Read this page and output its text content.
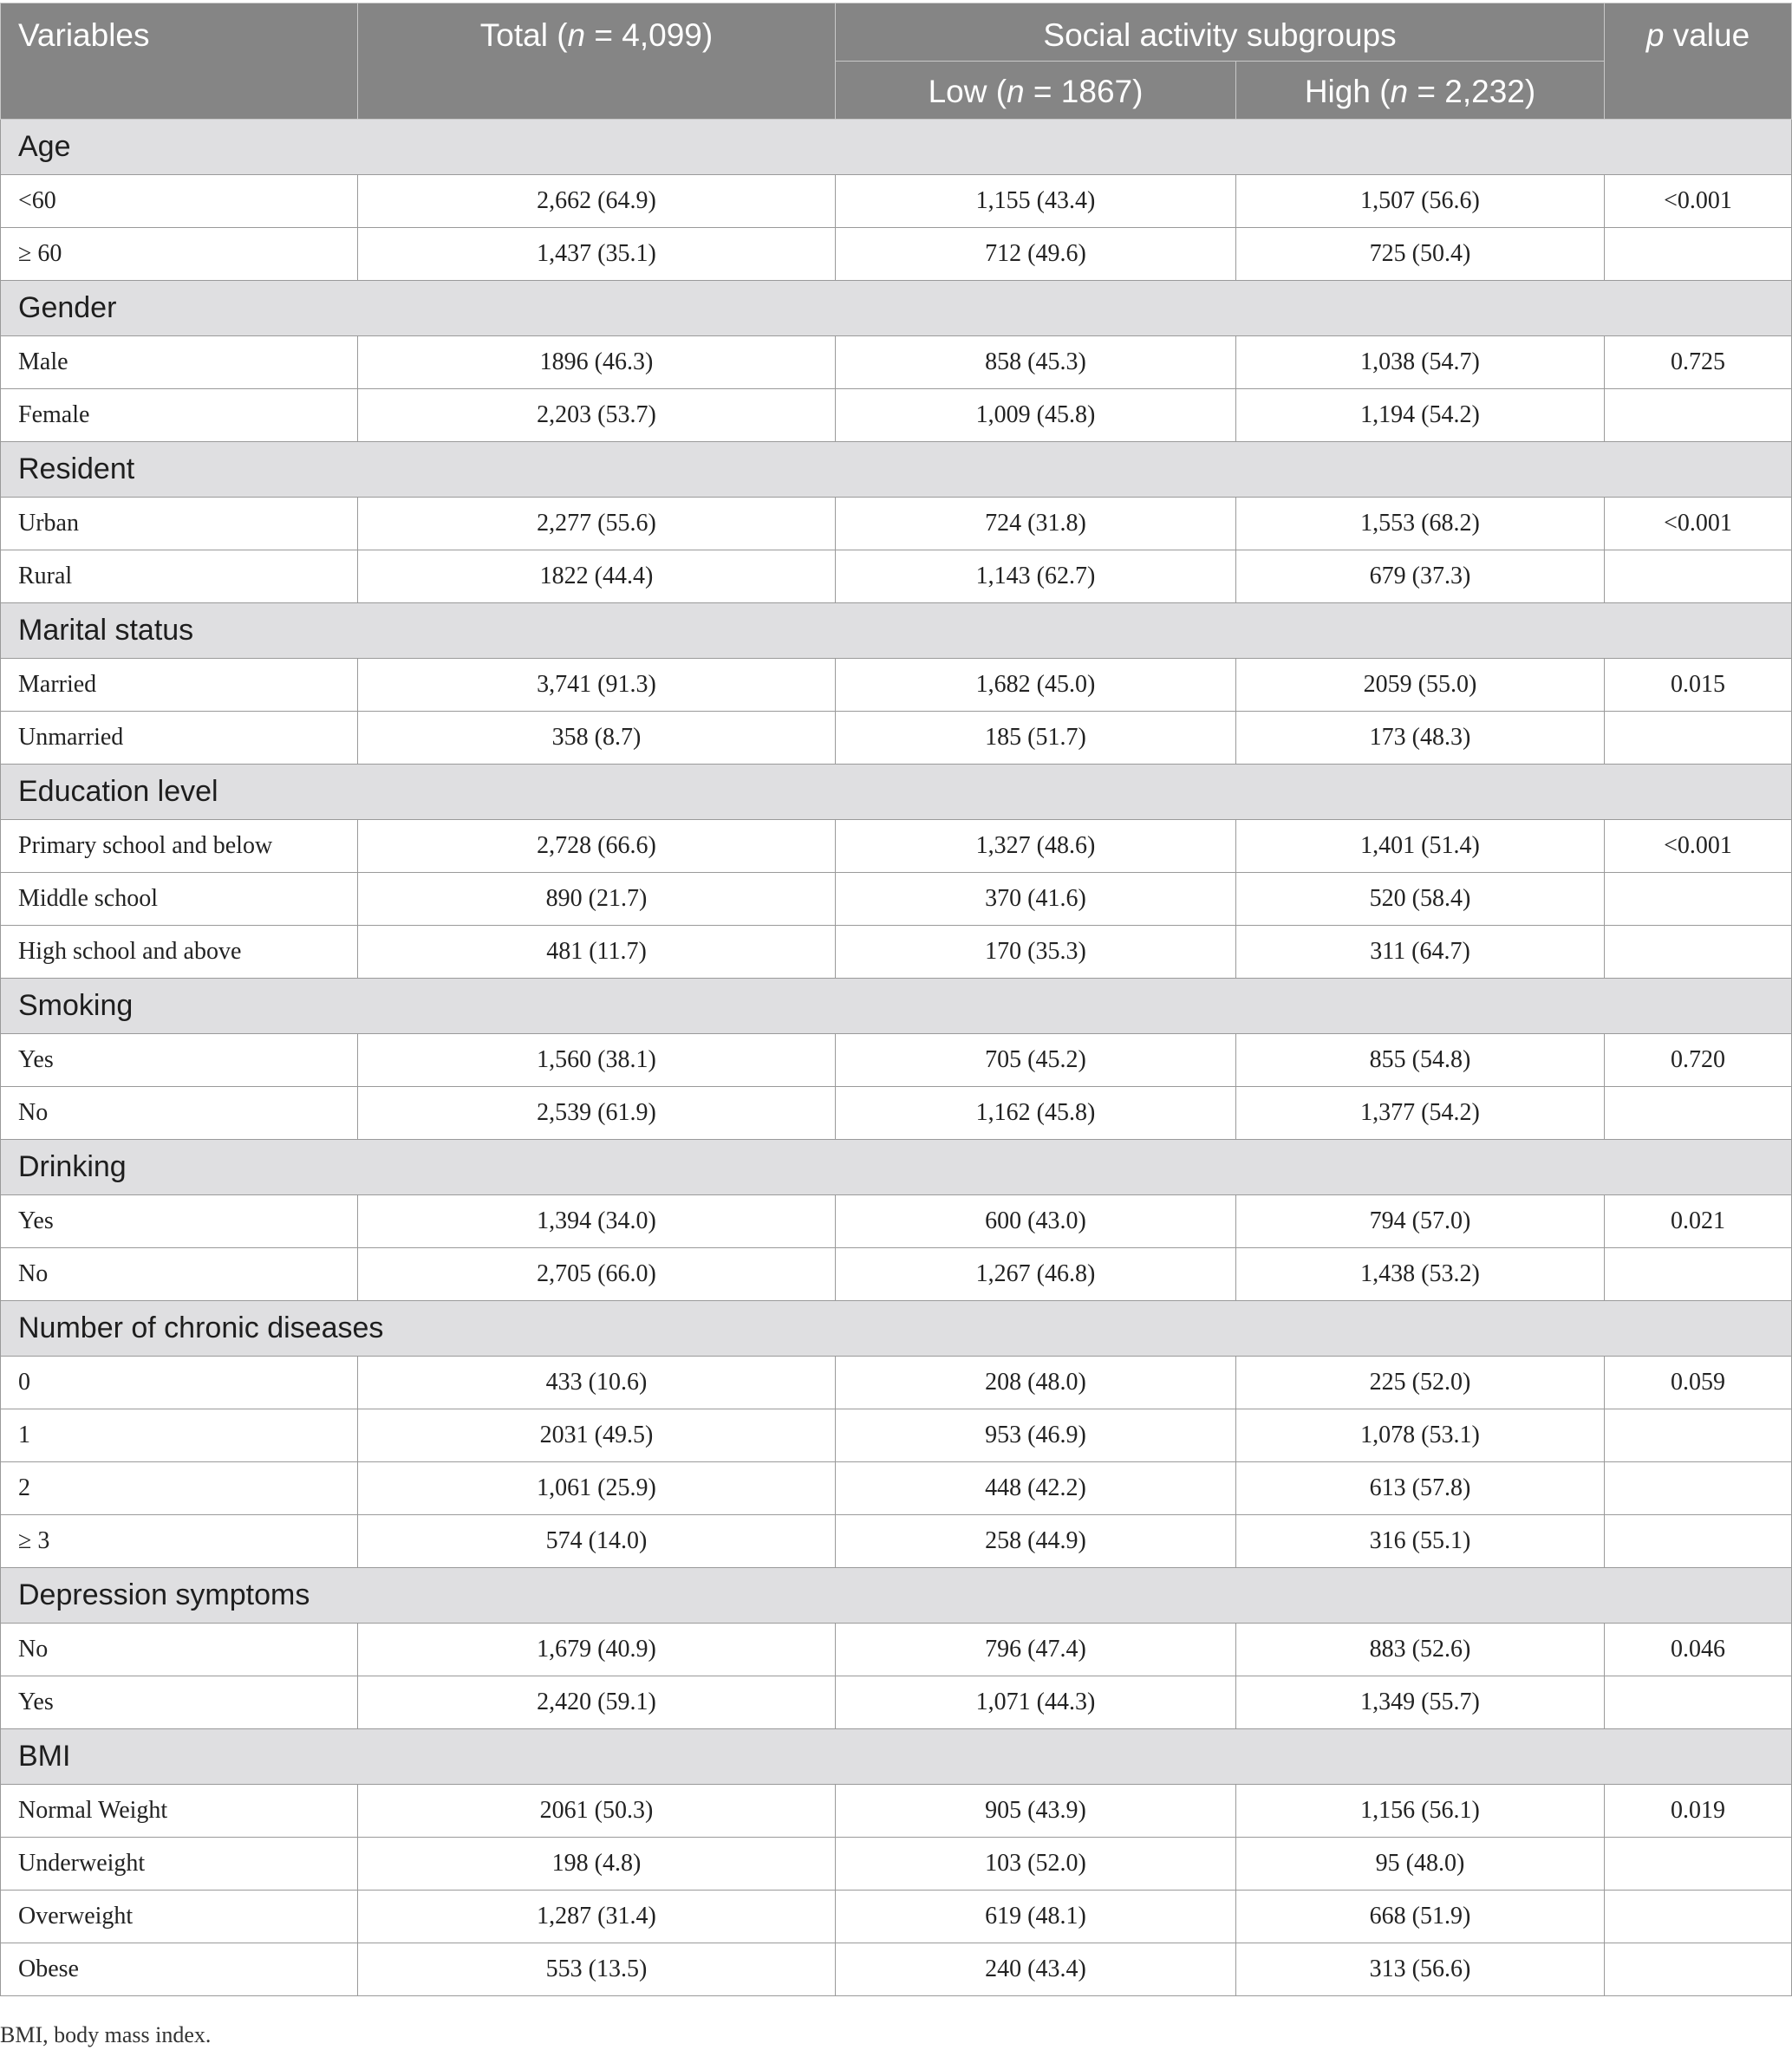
Variables	Total (n = 4,099)	Social activity subgroups		p value

		Low (n = 1867)	High (n = 2,232)	

Age				
<60	2,662 (64.9)	1,155 (43.4)	1,507 (56.6)	<0.001
≥ 60	1,437 (35.1)	712 (49.6)	725 (50.4)	
Gender				
Male	1896 (46.3)	858 (45.3)	1,038 (54.7)	0.725
Female	2,203 (53.7)	1,009 (45.8)	1,194 (54.2)	
Resident				
Urban	2,277 (55.6)	724 (31.8)	1,553 (68.2)	<0.001
Rural	1822 (44.4)	1,143 (62.7)	679 (37.3)	
Marital status				
Married	3,741 (91.3)	1,682 (45.0)	2059 (55.0)	0.015
Unmarried	358 (8.7)	185 (51.7)	173 (48.3)	
Education level				
Primary school and below	2,728 (66.6)	1,327 (48.6)	1,401 (51.4)	<0.001
Middle school	890 (21.7)	370 (41.6)	520 (58.4)	
High school and above	481 (11.7)	170 (35.3)	311 (64.7)	
Smoking				
Yes	1,560 (38.1)	705 (45.2)	855 (54.8)	0.720
No	2,539 (61.9)	1,162 (45.8)	1,377 (54.2)	
Drinking				
Yes	1,394 (34.0)	600 (43.0)	794 (57.0)	0.021
No	2,705 (66.0)	1,267 (46.8)	1,438 (53.2)	
Number of chronic diseases				
0	433 (10.6)	208 (48.0)	225 (52.0)	0.059
1	2031 (49.5)	953 (46.9)	1,078 (53.1)	
2	1,061 (25.9)	448 (42.2)	613 (57.8)	
≥ 3	574 (14.0)	258 (44.9)	316 (55.1)	
Depression symptoms				
No	1,679 (40.9)	796 (47.4)	883 (52.6)	0.046
Yes	2,420 (59.1)	1,071 (44.3)	1,349 (55.7)	
BMI				
Normal Weight	2061 (50.3)	905 (43.9)	1,156 (56.1)	0.019
Underweight	198 (4.8)	103 (52.0)	95 (48.0)	
Overweight	1,287 (31.4)	619 (48.1)	668 (51.9)	
Obese	553 (13.5)	240 (43.4)	313 (56.6)	
BMI, body mass index.
